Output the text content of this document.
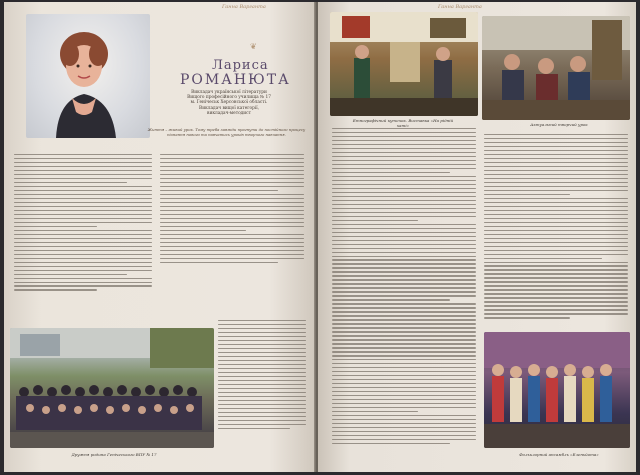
Ганна Варганта
❦
Лариса
РОМАНЮТА
Викладач української літератури
Вищого професійного училища № 17
м. Генічеськ Херсонської області.
Викладач вищої категорії,
викладач-методист
Життя – живий урок. Тому треба завжди прагнути до постійного процесу пізнання нового та навчатись уроків творчого навчання.
Дружня родина Генічеського ВПУ № 17
Ганна Варганта
Етнографічний куточок. Виставка «На рідній хаті»	Актуальний творчий урок
Фольклорний ансамбль «Еленьйота»
